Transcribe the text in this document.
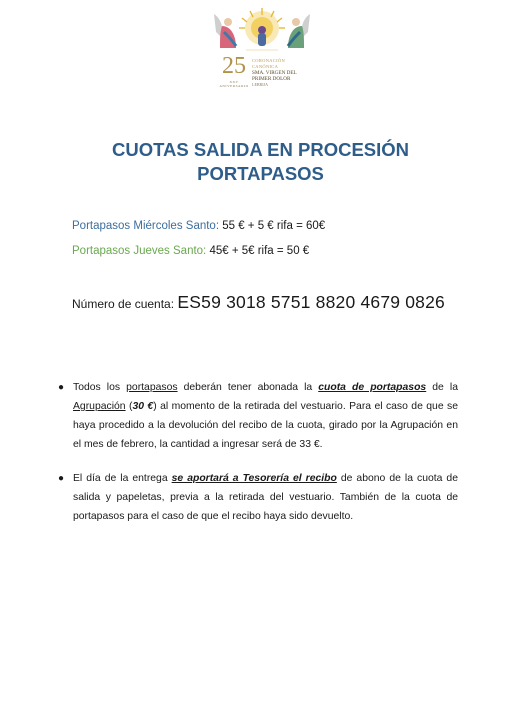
25
XXV ANIVERSARIO
CORONACIÓN
CANÓNICA
SMA. VIRGEN DEL
PRIMER DOLOR
LEBRIJA
CUOTAS SALIDA EN PROCESIÓN
PORTAPASOS
Portapasos Miércoles Santo: 55 € + 5 € rifa = 60€
Portapasos Jueves Santo: 45€ + 5€ rifa = 50 €
Número de cuenta: ES59 3018 5751 8820 4679 0826
● Todos los portapasos deberán tener abonada la cuota de portapasos de la Agrupación (30 €) al momento de la retirada del vestuario. Para el caso de que se haya procedido a la devolución del recibo de la cuota, girado por la Agrupación en el mes de febrero, la cantidad a ingresar será de 33 €.
● El día de la entrega se aportará a Tesorería el recibo de abono de la cuota de salida y papeletas, previa a la retirada del vestuario. También de la cuota de portapasos para el caso de que el recibo haya sido devuelto.
